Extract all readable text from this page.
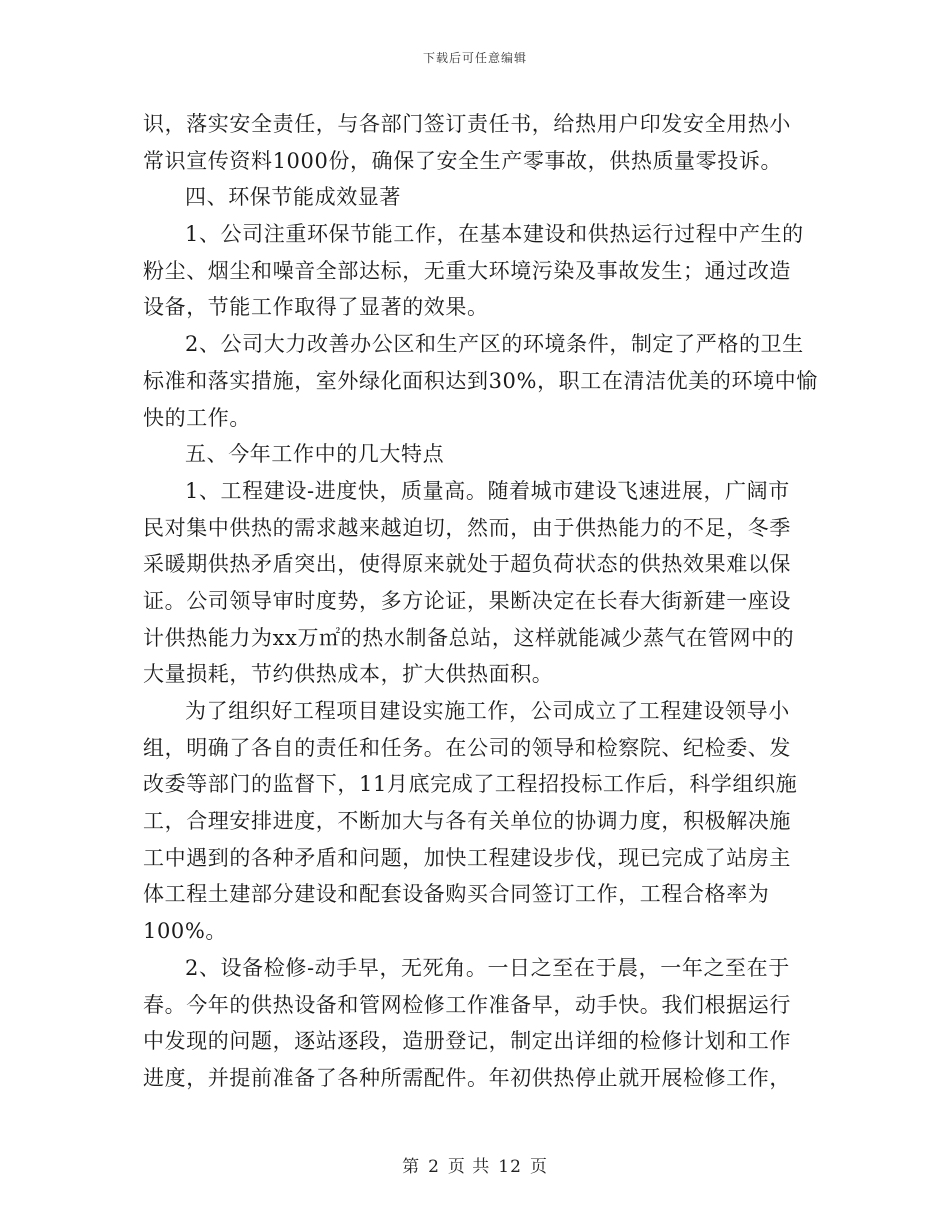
下载后可任意编辑
识，落实安全责任，与各部门签订责任书，给热用户印发安全用热小
常识宣传资料1000份，确保了安全生产零事故，供热质量零投诉。
四、环保节能成效显著
1、公司注重环保节能工作，在基本建设和供热运行过程中产生的
粉尘、烟尘和噪音全部达标，无重大环境污染及事故发生；通过改造
设备，节能工作取得了显著的效果。
2、公司大力改善办公区和生产区的环境条件，制定了严格的卫生
标准和落实措施，室外绿化面积达到30%，职工在清洁优美的环境中愉
快的工作。
五、今年工作中的几大特点
1、工程建设-进度快，质量高。随着城市建设飞速进展，广阔市
民对集中供热的需求越来越迫切，然而，由于供热能力的不足，冬季
采暖期供热矛盾突出，使得原来就处于超负荷状态的供热效果难以保
证。公司领导审时度势，多方论证，果断决定在长春大街新建一座设
计供热能力为xx万㎡的热水制备总站，这样就能减少蒸气在管网中的
大量损耗，节约供热成本，扩大供热面积。
为了组织好工程项目建设实施工作，公司成立了工程建设领导小
组，明确了各自的责任和任务。在公司的领导和检察院、纪检委、发
改委等部门的监督下，11月底完成了工程招投标工作后，科学组织施
工，合理安排进度，不断加大与各有关单位的协调力度，积极解决施
工中遇到的各种矛盾和问题，加快工程建设步伐，现已完成了站房主
体工程土建部分建设和配套设备购买合同签订工作，工程合格率为
100%。
2、设备检修-动手早，无死角。一日之至在于晨，一年之至在于
春。今年的供热设备和管网检修工作准备早，动手快。我们根据运行
中发现的问题，逐站逐段，造册登记，制定出详细的检修计划和工作
进度，并提前准备了各种所需配件。年初供热停止就开展检修工作，
第 2 页 共 12 页
